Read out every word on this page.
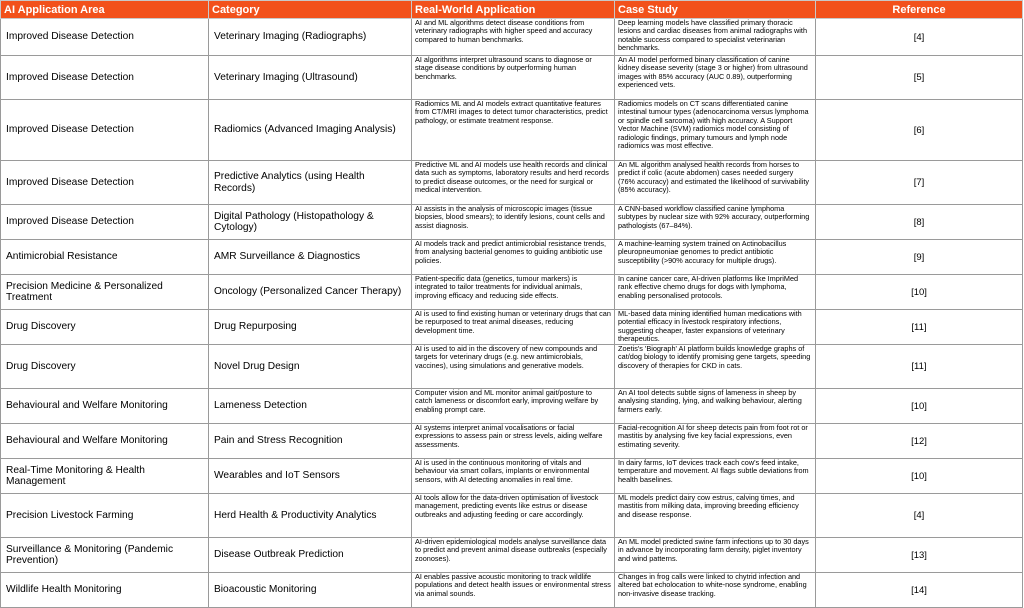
AI Application Area	Category	Real-World Application	Case Study	Reference
Improved Disease Detection	Veterinary Imaging (Radiographs)	AI and ML algorithms detect disease conditions from veterinary radiographs with higher speed and accuracy compared to human benchmarks.	Deep learning models have classified primary thoracic lesions and cardiac diseases from animal radiographs with notable success compared to specialist veterinarian benchmarks.	[4]
Improved Disease Detection	Veterinary Imaging (Ultrasound)	AI algorithms interpret ultrasound scans to diagnose or stage disease conditions by outperforming human benchmarks.	An AI model performed binary classification of canine kidney disease severity (stage 3 or higher) from ultrasound images with 85% accuracy (AUC 0.89), outperforming experienced vets.	[5]
Improved Disease Detection	Radiomics (Advanced Imaging Analysis)	Radiomics ML and AI models extract quantitative features from CT/MRI images to detect tumor characteristics, predict pathology, or estimate treatment response.	Radiomics models on CT scans differentiated canine intestinal tumour types (adenocarcinoma versus lymphoma or spindle cell sarcoma) with high accuracy. A Support Vector Machine (SVM) radiomics model consisting of radiologic findings, primary tumours and lymph node radiomics was most effective.	[6]
Improved Disease Detection	Predictive Analytics (using Health Records)	Predictive ML and AI models use health records and clinical data such as symptoms, laboratory results and herd records to predict disease outcomes, or the need for surgical or medical intervention.	An ML algorithm analysed health records from horses to predict if colic (acute abdomen) cases needed surgery (76% accuracy) and estimated the likelihood of survivability (85% accuracy).	[7]
Improved Disease Detection	Digital Pathology (Histopathology & Cytology)	AI assists in the analysis of microscopic images (tissue biopsies, blood smears); to identify lesions, count cells and assist diagnosis.	A CNN-based workflow classified canine lymphoma subtypes by nuclear size with 92% accuracy, outperforming pathologists (67–84%).	[8]
Antimicrobial Resistance	AMR Surveillance & Diagnostics	AI models track and predict antimicrobial resistance trends, from analysing bacterial genomes to guiding antibiotic use policies.	A machine-learning system trained on Actinobacillus pleuropneumoniae genomes to predict antibiotic susceptibility (>90% accuracy for multiple drugs).	[9]
Precision Medicine & Personalized Treatment	Oncology (Personalized Cancer Therapy)	Patient-specific data (genetics, tumour markers) is integrated to tailor treatments for individual animals, improving efficacy and reducing side effects.	In canine cancer care, AI-driven platforms like ImpriMed rank effective chemo drugs for dogs with lymphoma, enabling personalised protocols.	[10]
Drug Discovery	Drug Repurposing	AI is used to find existing human or veterinary drugs that can be repurposed to treat animal diseases, reducing development time.	ML-based data mining identified human medications with potential efficacy in livestock respiratory infections, suggesting cheaper, faster expansions of veterinary therapeutics.	[11]
Drug Discovery	Novel Drug Design	AI is used to aid in the discovery of new compounds and targets for veterinary drugs (e.g. new antimicrobials, vaccines), using simulations and generative models.	Zoetis's 'Biograph' AI platform builds knowledge graphs of cat/dog biology to identify promising gene targets, speeding discovery of therapies for CKD in cats.	[11]
Behavioural and Welfare Monitoring	Lameness Detection	Computer vision and ML monitor animal gait/posture to catch lameness or discomfort early, improving welfare by enabling prompt care.	An AI tool detects subtle signs of lameness in sheep by analysing standing, lying, and walking behaviour, alerting farmers early.	[10]
Behavioural and Welfare Monitoring	Pain and Stress Recognition	AI systems interpret animal vocalisations or facial expressions to assess pain or stress levels, aiding welfare assessments.	Facial-recognition AI for sheep detects pain from foot rot or mastitis by analysing five key facial expressions, even estimating severity.	[12]
Real-Time Monitoring & Health Management	Wearables and IoT Sensors	AI is used in the continuous monitoring of vitals and behaviour via smart collars, implants or environmental sensors, with AI detecting anomalies in real time.	In dairy farms, IoT devices track each cow's feed intake, temperature and movement. AI flags subtle deviations from health baselines.	[10]
Precision Livestock Farming	Herd Health & Productivity Analytics	AI tools allow for the data-driven optimisation of livestock management, predicting events like estrus or disease outbreaks and adjusting feeding or care accordingly.	ML models predict dairy cow estrus, calving times, and mastitis from milking data, improving breeding efficiency and disease response.	[4]
Surveillance & Monitoring (Pandemic Prevention)	Disease Outbreak Prediction	AI-driven epidemiological models analyse surveillance data to predict and prevent animal disease outbreaks (especially zoonoses).	An ML model predicted swine farm infections up to 30 days in advance by incorporating farm density, piglet inventory and wind patterns.	[13]
Wildlife Health Monitoring	Bioacoustic Monitoring	AI enables passive acoustic monitoring to track wildlife populations and detect health issues or environmental stress via animal sounds.	Changes in frog calls were linked to chytrid infection and altered bat echolocation to white-nose syndrome, enabling non-invasive disease tracking.	[14]
